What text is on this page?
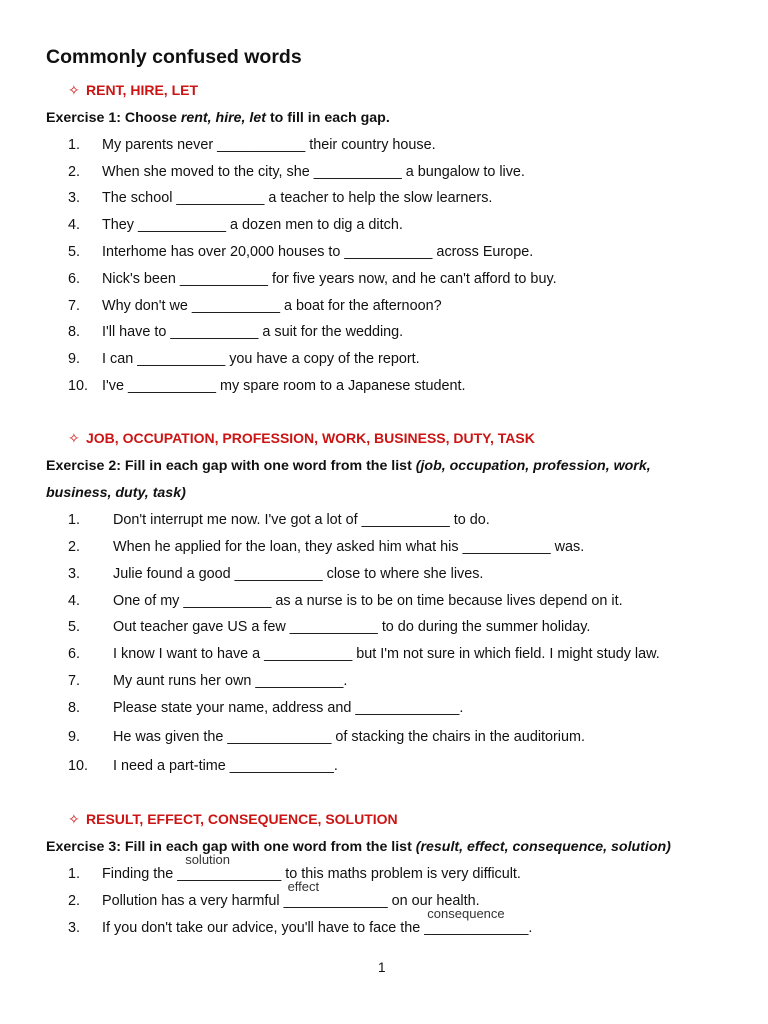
Commonly confused words
✧ RENT, HIRE, LET
Exercise 1: Choose rent, hire, let to fill in each gap.
1.	My parents never ___________ their country house.
2.	When she moved to the city, she ___________ a bungalow to live.
3.	The school ___________ a teacher to help the slow learners.
4.	They ___________ a dozen men to dig a ditch.
5.	Interhome has over 20,000 houses to ___________ across Europe.
6.	Nick's been ___________ for five years now, and he can't afford to buy.
7.	Why don't we ___________ a boat for the afternoon?
8.	I'll have to ___________ a suit for the wedding.
9.	I can ___________ you have a copy of the report.
10. I've ___________ my spare room to a Japanese student.
✧ JOB, OCCUPATION, PROFESSION, WORK, BUSINESS, DUTY, TASK
Exercise 2: Fill in each gap with one word from the list (job, occupation, profession, work,
business, duty, task)
1.	Don't interrupt me now. I've got a lot of ___________ to do.
2.	When he applied for the loan, they asked him what his ___________ was.
3.	Julie found a good ___________ close to where she lives.
4.	One of my ___________ as a nurse is to be on time because lives depend on it.
5.	Out teacher gave US a few ___________ to do during the summer holiday.
6.	I know I want to have a ___________ but I'm not sure in which field. I might study law.
7.	My aunt runs her own ___________.
8.	Please state your name, address and _____________.
9.	He was given the _____________ of stacking the chairs in the auditorium.
10. I need a part-time _____________.
✧ RESULT, EFFECT, CONSEQUENCE, SOLUTION
Exercise 3: Fill in each gap with one word from the list (result, effect, consequence, solution)
1.	Finding the
solution
_____________ to this maths problem is very difficult.
2.	Pollution has a very harmful
effect
_____________ on our health.
3.	If you don't take our advice, you'll have to face the
consequence
_____________.
1
